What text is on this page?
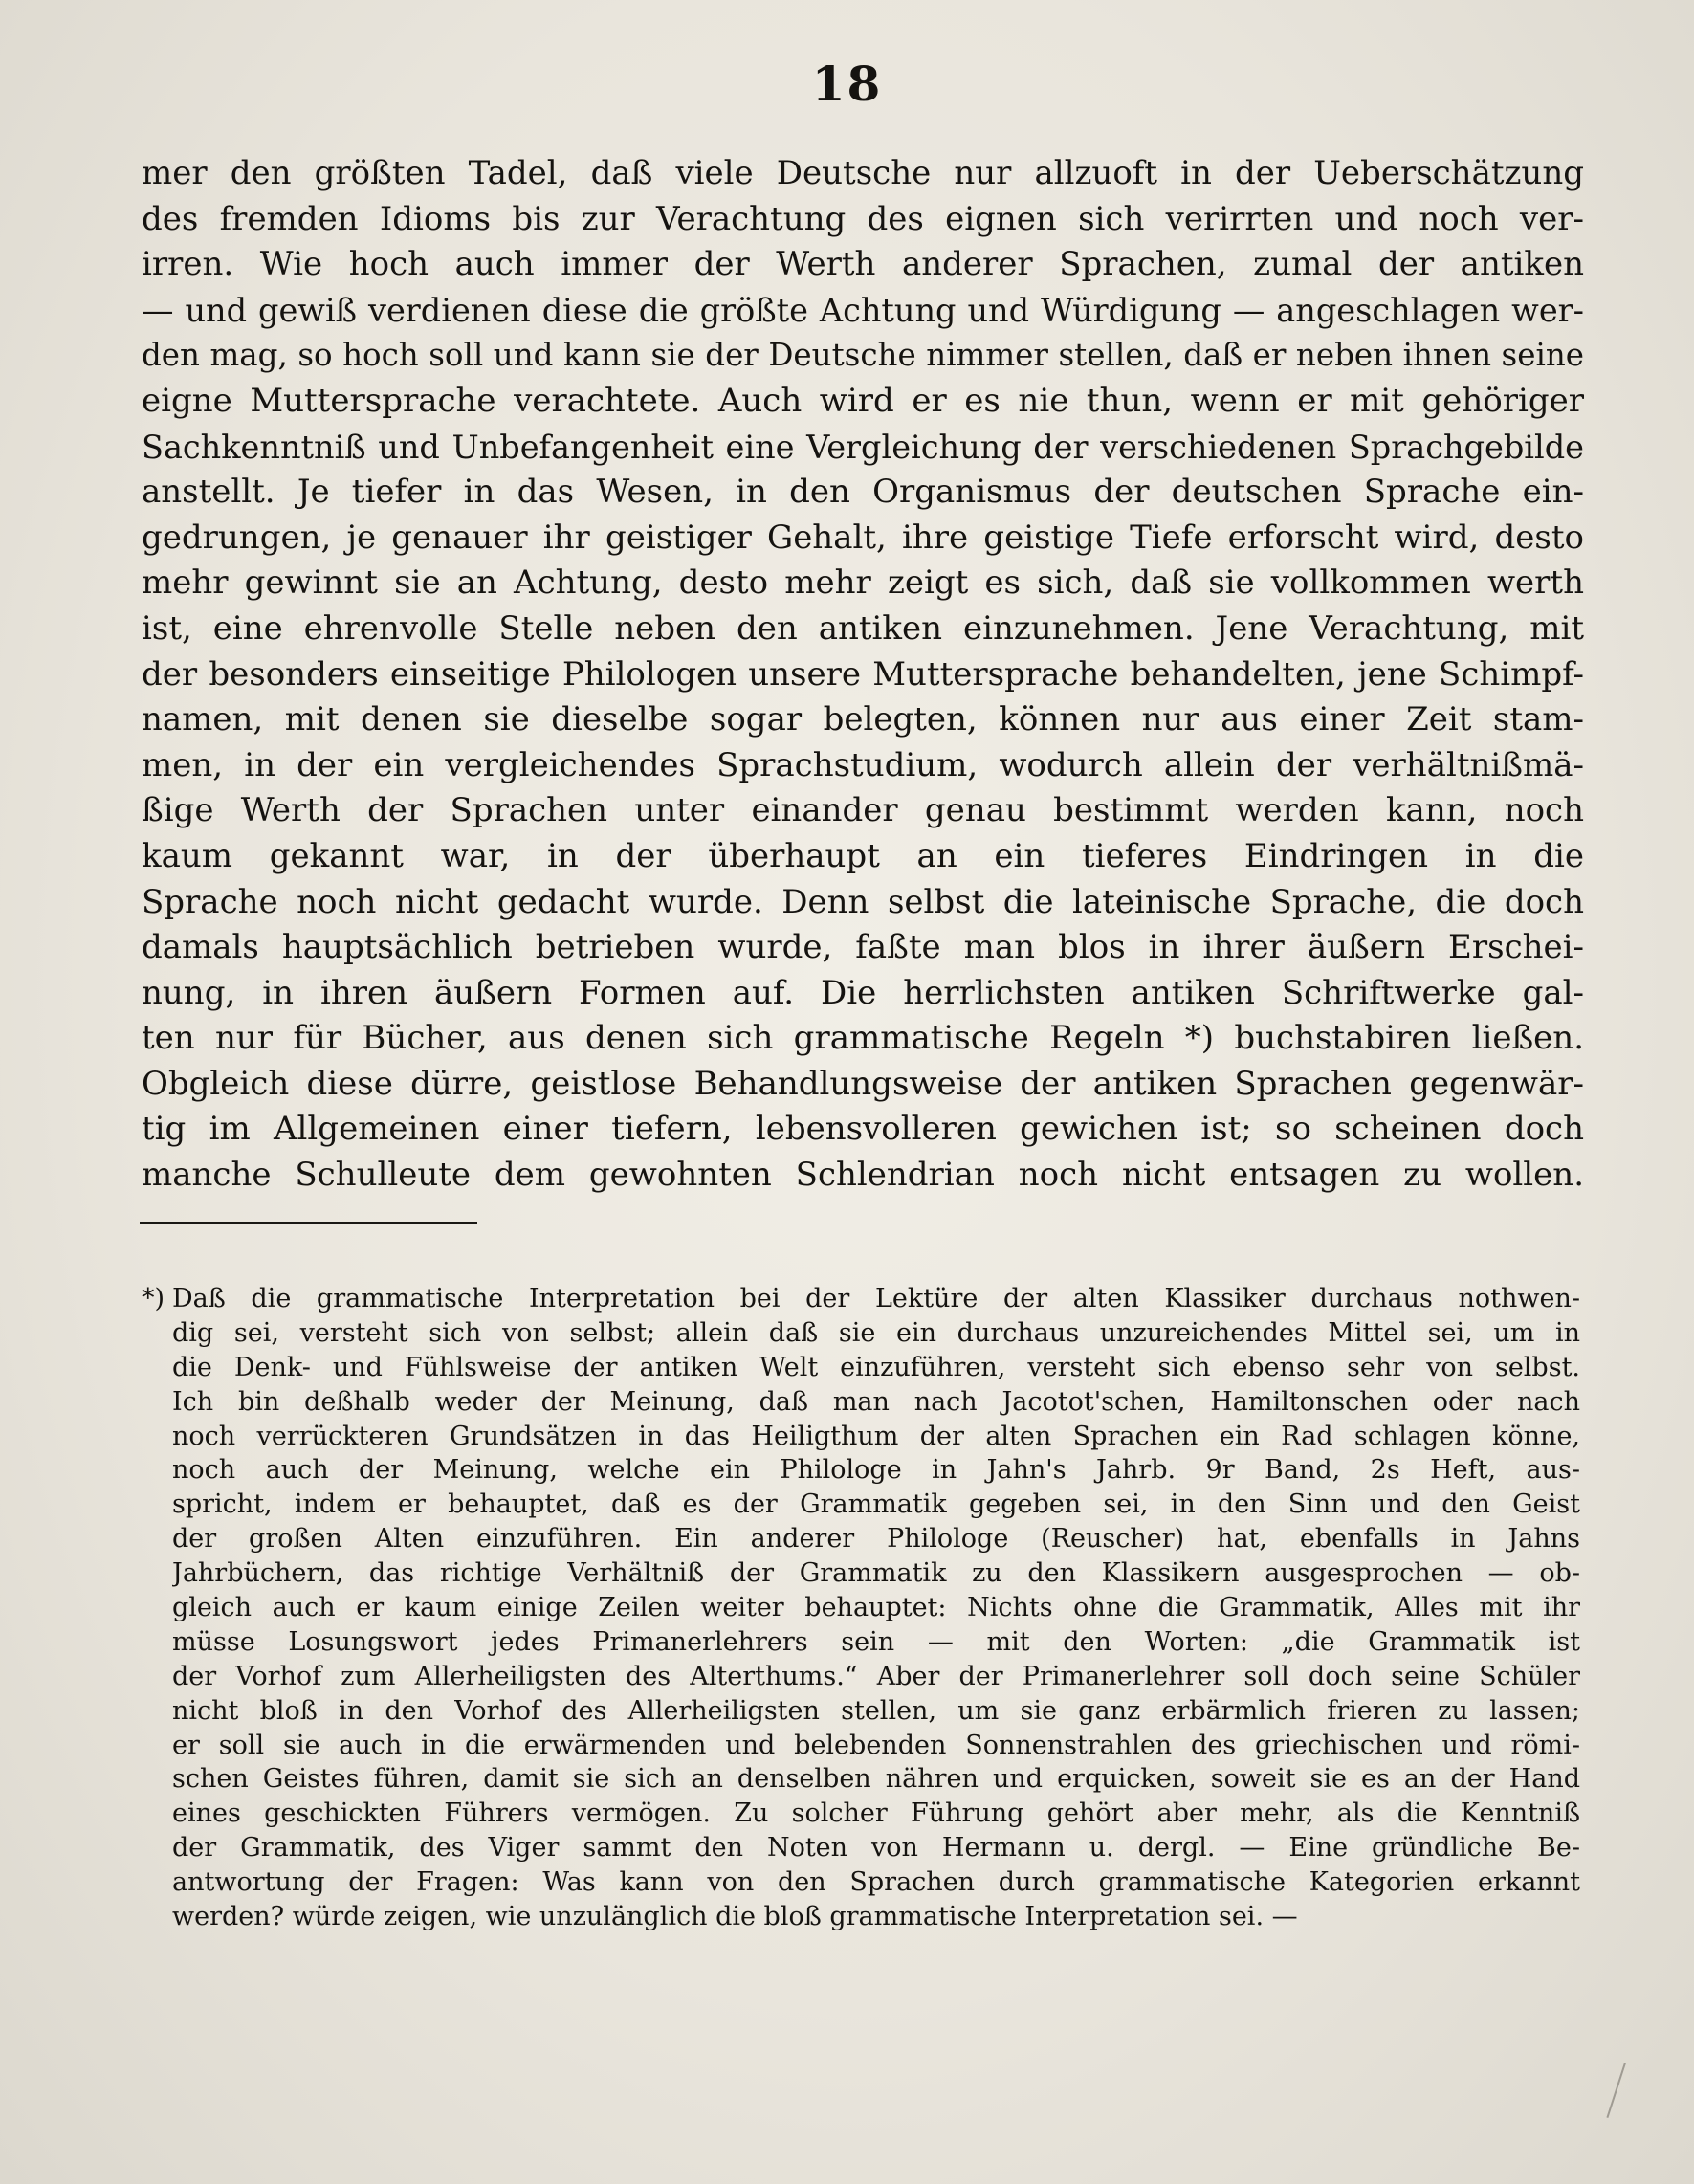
18
mer den größten Tadel, daß viele Deutsche nur allzuoft in der Ueberschätzung
des fremden Idioms bis zur Verachtung des eignen sich verirrten und noch ver-
irren. Wie hoch auch immer der Werth anderer Sprachen, zumal der antiken
— und gewiß verdienen diese die größte Achtung und Würdigung — angeschlagen wer-
den mag, so hoch soll und kann sie der Deutsche nimmer stellen, daß er neben ihnen seine
eigne Muttersprache verachtete. Auch wird er es nie thun, wenn er mit gehöriger
Sachkenntniß und Unbefangenheit eine Vergleichung der verschiedenen Sprachgebilde
anstellt. Je tiefer in das Wesen, in den Organismus der deutschen Sprache ein-
gedrungen, je genauer ihr geistiger Gehalt, ihre geistige Tiefe erforscht wird, desto
mehr gewinnt sie an Achtung, desto mehr zeigt es sich, daß sie vollkommen werth
ist, eine ehrenvolle Stelle neben den antiken einzunehmen. Jene Verachtung, mit
der besonders einseitige Philologen unsere Muttersprache behandelten, jene Schimpf-
namen, mit denen sie dieselbe sogar belegten, können nur aus einer Zeit stam-
men, in der ein vergleichendes Sprachstudium, wodurch allein der verhältnißmä-
ßige Werth der Sprachen unter einander genau bestimmt werden kann, noch
kaum gekannt war, in der überhaupt an ein tieferes Eindringen in die
Sprache noch nicht gedacht wurde. Denn selbst die lateinische Sprache, die doch
damals hauptsächlich betrieben wurde, faßte man blos in ihrer äußern Erschei-
nung, in ihren äußern Formen auf. Die herrlichsten antiken Schriftwerke gal-
ten nur für Bücher, aus denen sich grammatische Regeln *) buchstabiren ließen.
Obgleich diese dürre, geistlose Behandlungsweise der antiken Sprachen gegenwär-
tig im Allgemeinen einer tiefern, lebensvolleren gewichen ist; so scheinen doch
manche Schulleute dem gewohnten Schlendrian noch nicht entsagen zu wollen.
*) Daß die grammatische Interpretation bei der Lektüre der alten Klassiker durchaus nothwen-
dig sei, versteht sich von selbst; allein daß sie ein durchaus unzureichendes Mittel sei, um in
die Denk- und Fühlsweise der antiken Welt einzuführen, versteht sich ebenso sehr von selbst.
Ich bin deßhalb weder der Meinung, daß man nach Jacotot'schen, Hamiltonschen oder nach
noch verrückteren Grundsätzen in das Heiligthum der alten Sprachen ein Rad schlagen könne,
noch auch der Meinung, welche ein Philologe in Jahn's Jahrb. 9r Band, 2s Heft, aus-
spricht, indem er behauptet, daß es der Grammatik gegeben sei, in den Sinn und den Geist
der großen Alten einzuführen. Ein anderer Philologe (Reuscher) hat, ebenfalls in Jahns
Jahrbüchern, das richtige Verhältniß der Grammatik zu den Klassikern ausgesprochen — ob-
gleich auch er kaum einige Zeilen weiter behauptet: Nichts ohne die Grammatik, Alles mit ihr
müsse Losungswort jedes Primanerlehrers sein — mit den Worten: „die Grammatik ist
der Vorhof zum Allerheiligsten des Alterthums.“ Aber der Primanerlehrer soll doch seine Schüler
nicht bloß in den Vorhof des Allerheiligsten stellen, um sie ganz erbärmlich frieren zu lassen;
er soll sie auch in die erwärmenden und belebenden Sonnenstrahlen des griechischen und römi-
schen Geistes führen, damit sie sich an denselben nähren und erquicken, soweit sie es an der Hand
eines geschickten Führers vermögen. Zu solcher Führung gehört aber mehr, als die Kenntniß
der Grammatik, des Viger sammt den Noten von Hermann u. dergl. — Eine gründliche Be-
antwortung der Fragen: Was kann von den Sprachen durch grammatische Kategorien erkannt
werden? würde zeigen, wie unzulänglich die bloß grammatische Interpretation sei. —
